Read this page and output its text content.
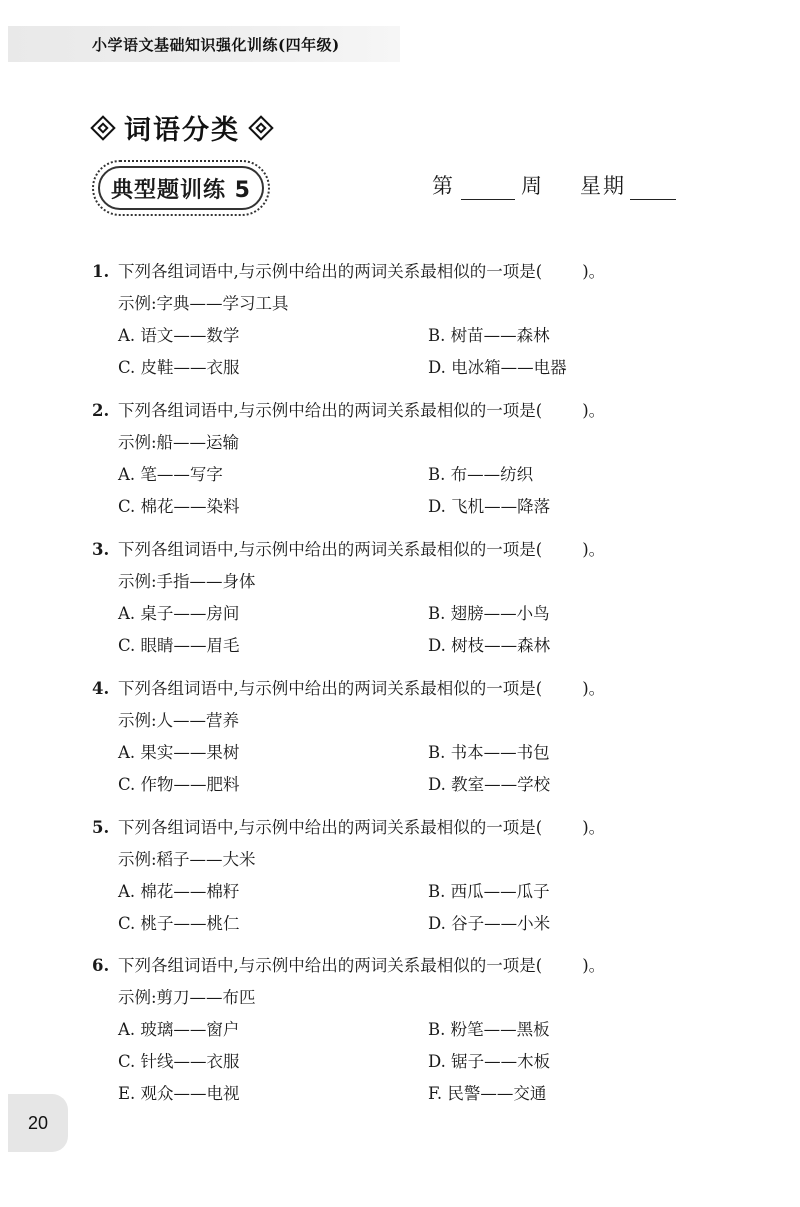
小学语文基础知识强化训练(四年级)
词语分类
典型题训练 5	第	周 星期
1. 下列各组词语中,与示例中给出的两词关系最相似的一项是( )。
示例:字典——学习工具
A. 语文——数学	B. 树苗——森林
C. 皮鞋——衣服	D. 电冰箱——电器
2. 下列各组词语中,与示例中给出的两词关系最相似的一项是( )。
示例:船——运输
A. 笔——写字	B. 布——纺织
C. 棉花——染料	D. 飞机——降落
3. 下列各组词语中,与示例中给出的两词关系最相似的一项是( )。
示例:手指——身体
A. 桌子——房间	B. 翅膀——小鸟
C. 眼睛——眉毛	D. 树枝——森林
4. 下列各组词语中,与示例中给出的两词关系最相似的一项是( )。
示例:人——营养
A. 果实——果树	B. 书本——书包
C. 作物——肥料	D. 教室——学校
5. 下列各组词语中,与示例中给出的两词关系最相似的一项是( )。
示例:稻子——大米
A. 棉花——棉籽	B. 西瓜——瓜子
C. 桃子——桃仁	D. 谷子——小米
6. 下列各组词语中,与示例中给出的两词关系最相似的一项是( )。
示例:剪刀——布匹
A. 玻璃——窗户	B. 粉笔——黑板
C. 针线——衣服	D. 锯子——木板
E. 观众——电视	F. 民警——交通
20
